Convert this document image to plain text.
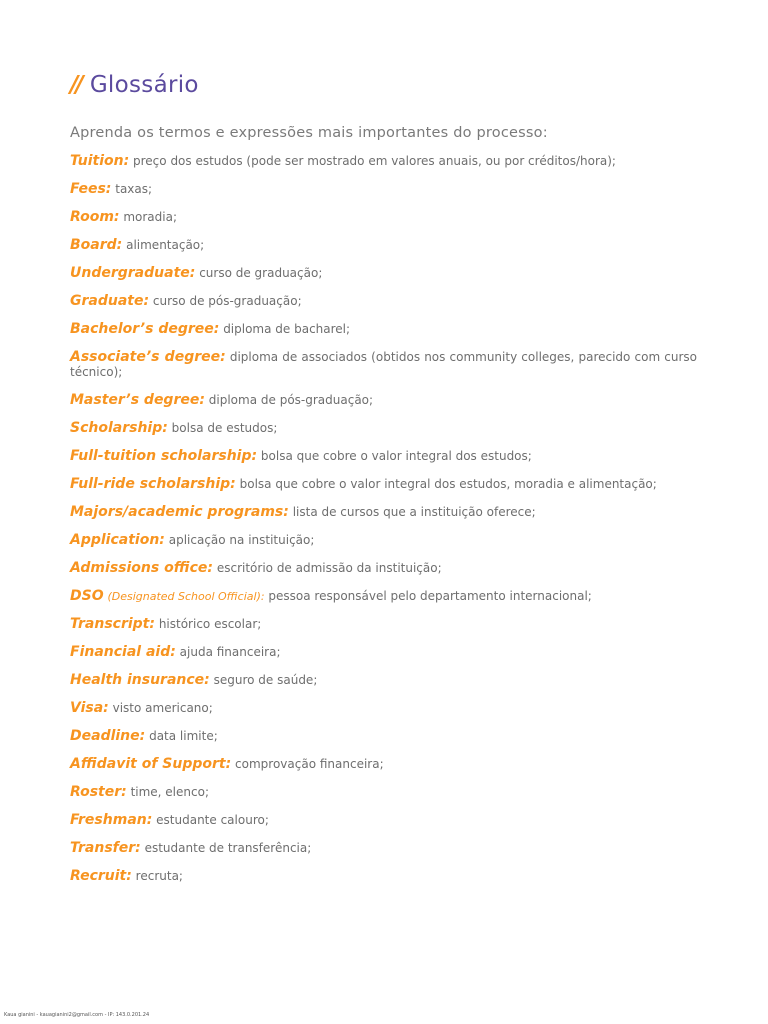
// Glossário
Aprenda os termos e expressões mais importantes do processo:

Tuition: preço dos estudos (pode ser mostrado em valores anuais, ou por créditos/hora);

Fees: taxas;

Room: moradia;

Board: alimentação;

Undergraduate: curso de graduação;

Graduate: curso de pós-graduação;

Bachelor’s degree: diploma de bacharel;

Associate’s degree: diploma de associados (obtidos nos community colleges, parecido com curso técnico);

Master’s degree: diploma de pós-graduação;

Scholarship: bolsa de estudos;

Full-tuition scholarship: bolsa que cobre o valor integral dos estudos;

Full-ride scholarship: bolsa que cobre o valor integral dos estudos, moradia e alimentação;

Majors/academic programs: lista de cursos que a instituição oferece;

Application: aplicação na instituição;

Admissions office: escritório de admissão da instituição;

DSO (Designated School Official): pessoa responsável pelo departamento internacional;

Transcript: histórico escolar;

Financial aid: ajuda financeira;

Health insurance: seguro de saúde;

Visa: visto americano;

Deadline: data limite;

Affidavit of Support: comprovação financeira;

Roster: time, elenco;

Freshman: estudante calouro;

Transfer: estudante de transferência;

Recruit: recruta;

Kaua gianini - kauagianini2@gmail.com - IP: 143.0.201.24
